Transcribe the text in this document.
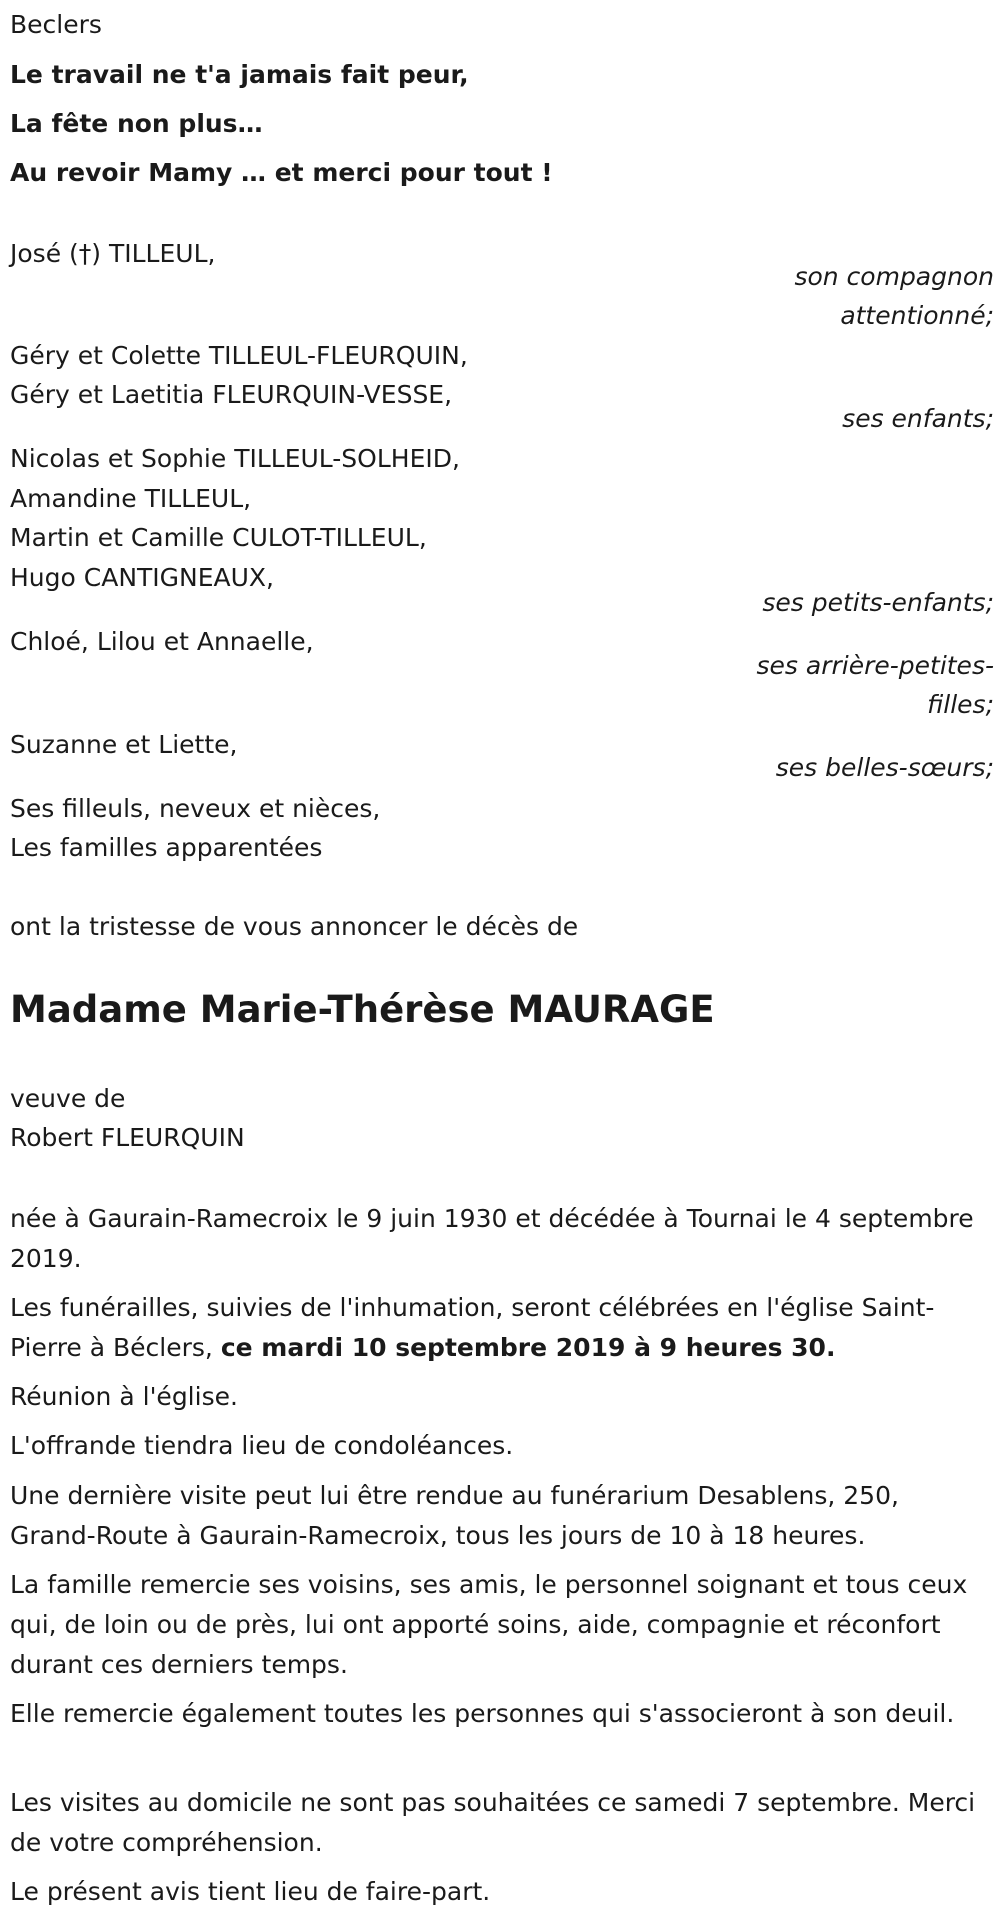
Beclers
Le travail ne t'a jamais fait peur,
La fête non plus…
Au revoir Mamy … et merci pour tout !
José (†) TILLEUL,
son compagnon
attentionné;
Géry et Colette TILLEUL-FLEURQUIN,
Géry et Laetitia FLEURQUIN-VESSE,
ses enfants;
Nicolas et Sophie TILLEUL-SOLHEID,
Amandine TILLEUL,
Martin et Camille CULOT-TILLEUL,
Hugo CANTIGNEAUX,
ses petits-enfants;
Chloé, Lilou et Annaelle,
ses arrière-petites-
filles;
Suzanne et Liette,
ses belles-sœurs;
Ses filleuls, neveux et nièces,
Les familles apparentées
ont la tristesse de vous annoncer le décès de
Madame Marie-Thérèse MAURAGE
veuve de
Robert FLEURQUIN
née à Gaurain-Ramecroix le 9 juin 1930 et décédée à Tournai le 4 septembre 2019.
Les funérailles, suivies de l'inhumation, seront célébrées en l'église Saint-Pierre à Béclers, ce mardi 10 septembre 2019 à 9 heures 30.
Réunion à l'église.
L'offrande tiendra lieu de condoléances.
Une dernière visite peut lui être rendue au funérarium Desablens, 250, Grand-Route à Gaurain-Ramecroix, tous les jours de 10 à 18 heures.
La famille remercie ses voisins, ses amis, le personnel soignant et tous ceux qui, de loin ou de près, lui ont apporté soins, aide, compagnie et réconfort durant ces derniers temps.
Elle remercie également toutes les personnes qui s'associeront à son deuil.
Les visites au domicile ne sont pas souhaitées ce samedi 7 septembre. Merci de votre compréhension.
Le présent avis tient lieu de faire-part.
